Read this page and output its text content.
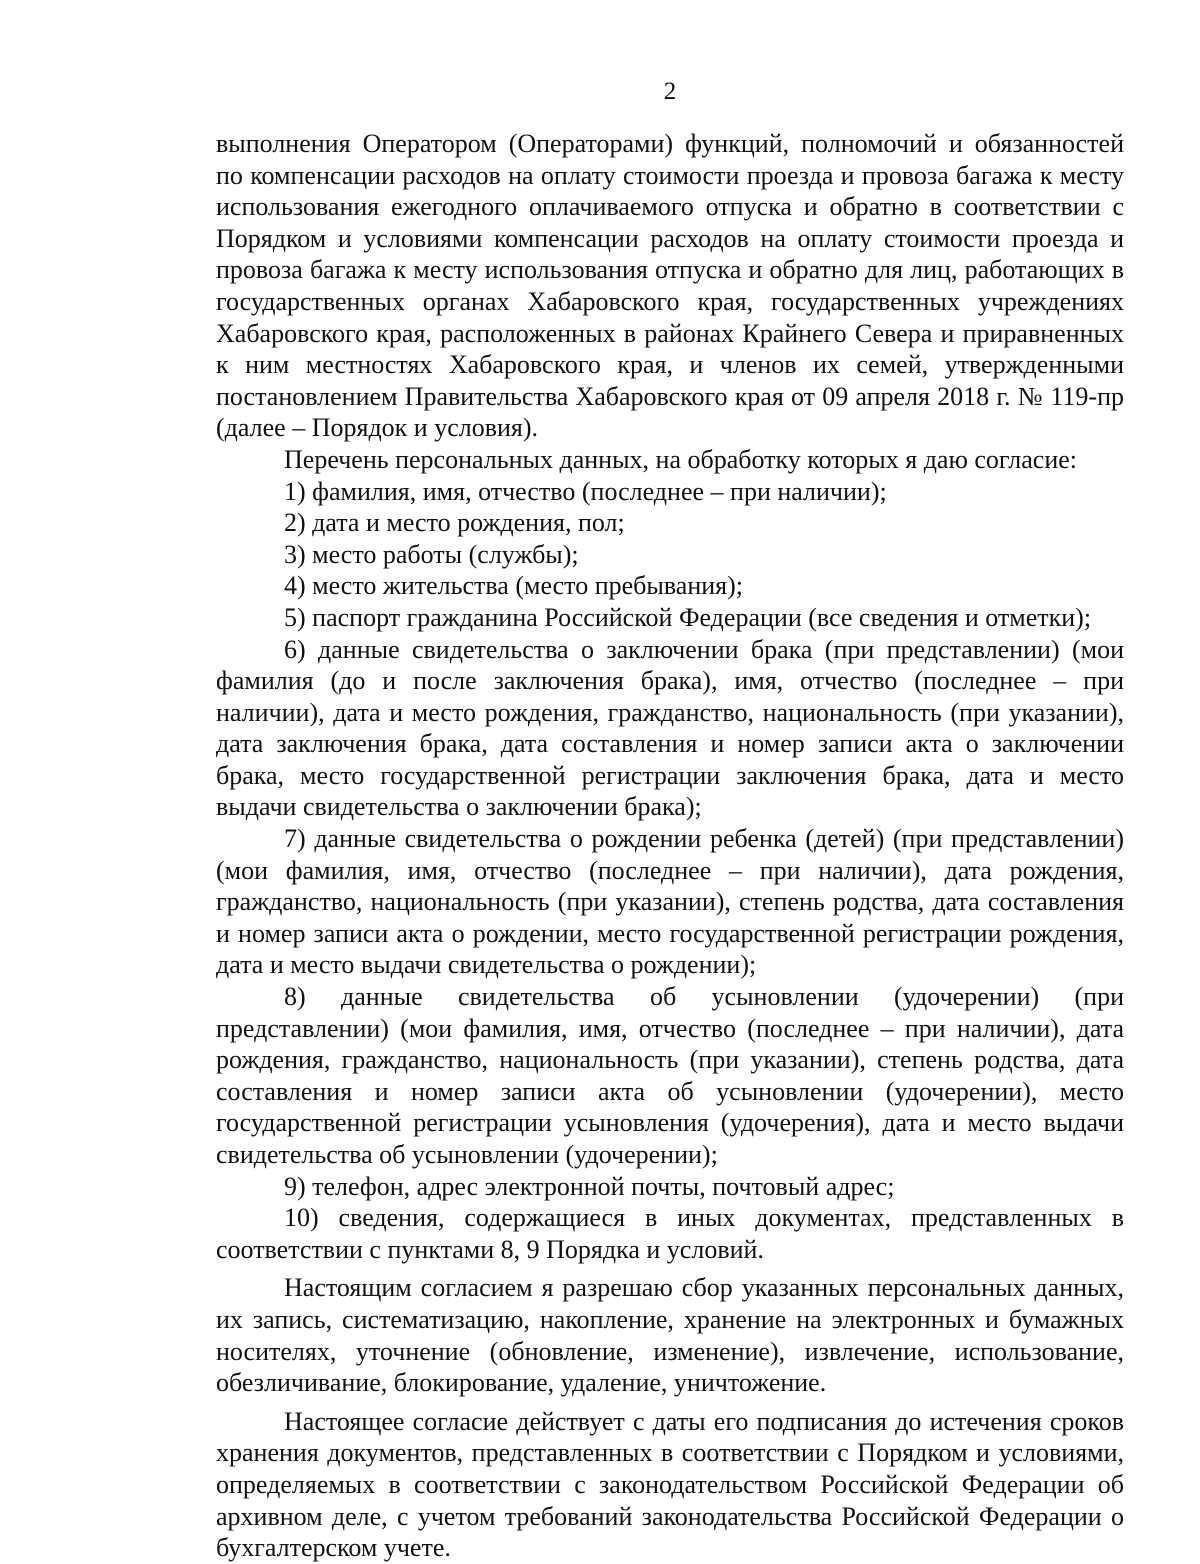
2

выполнения Оператором (Операторами) функций, полномочий и обязанностей по компенсации расходов на оплату стоимости проезда и провоза багажа к месту использования ежегодного оплачиваемого отпуска и обратно в соответствии с Порядком и условиями компенсации расходов на оплату стоимости проезда и провоза багажа к месту использования отпуска и обратно для лиц, работающих в государственных органах Хабаровского края, государственных учреждениях Хабаровского края, расположенных в районах Крайнего Севера и приравненных к ним местностях Хабаровского края, и членов их семей, утвержденными постановлением Правительства Хабаровского края от 09 апреля 2018 г. № 119-пр (далее – Порядок и условия).

Перечень персональных данных, на обработку которых я даю согласие:

1) фамилия, имя, отчество (последнее – при наличии);

2) дата и место рождения, пол;

3) место работы (службы);

4) место жительства (место пребывания);

5) паспорт гражданина Российской Федерации (все сведения и отметки);

6) данные свидетельства о заключении брака (при представлении) (мои фамилия (до и после заключения брака), имя, отчество (последнее – при наличии), дата и место рождения, гражданство, национальность (при указании), дата заключения брака, дата составления и номер записи акта о заключении брака, место государственной регистрации заключения брака, дата и место выдачи свидетельства о заключении брака);

7) данные свидетельства о рождении ребенка (детей) (при представлении) (мои фамилия, имя, отчество (последнее – при наличии), дата рождения, гражданство, национальность (при указании), степень родства, дата составления и номер записи акта о рождении, место государственной регистрации рождения, дата и место выдачи свидетельства о рождении);

8) данные свидетельства об усыновлении (удочерении) (при представлении) (мои фамилия, имя, отчество (последнее – при наличии), дата рождения, гражданство, национальность (при указании), степень родства, дата составления и номер записи акта об усыновлении (удочерении), место государственной регистрации усыновления (удочерения), дата и место выдачи свидетельства об усыновлении (удочерении);

9) телефон, адрес электронной почты, почтовый адрес;

10) сведения, содержащиеся в иных документах, представленных в соответствии с пунктами 8, 9 Порядка и условий.

Настоящим согласием я разрешаю сбор указанных персональных данных, их запись, систематизацию, накопление, хранение на электронных и бумажных носителях, уточнение (обновление, изменение), извлечение, использование, обезличивание, блокирование, удаление, уничтожение.

Настоящее согласие действует с даты его подписания до истечения сроков хранения документов, представленных в соответствии с Порядком и условиями, определяемых в соответствии с законодательством Российской Федерации об архивном деле, с учетом требований законодательства Российской Федерации о бухгалтерском учете.
